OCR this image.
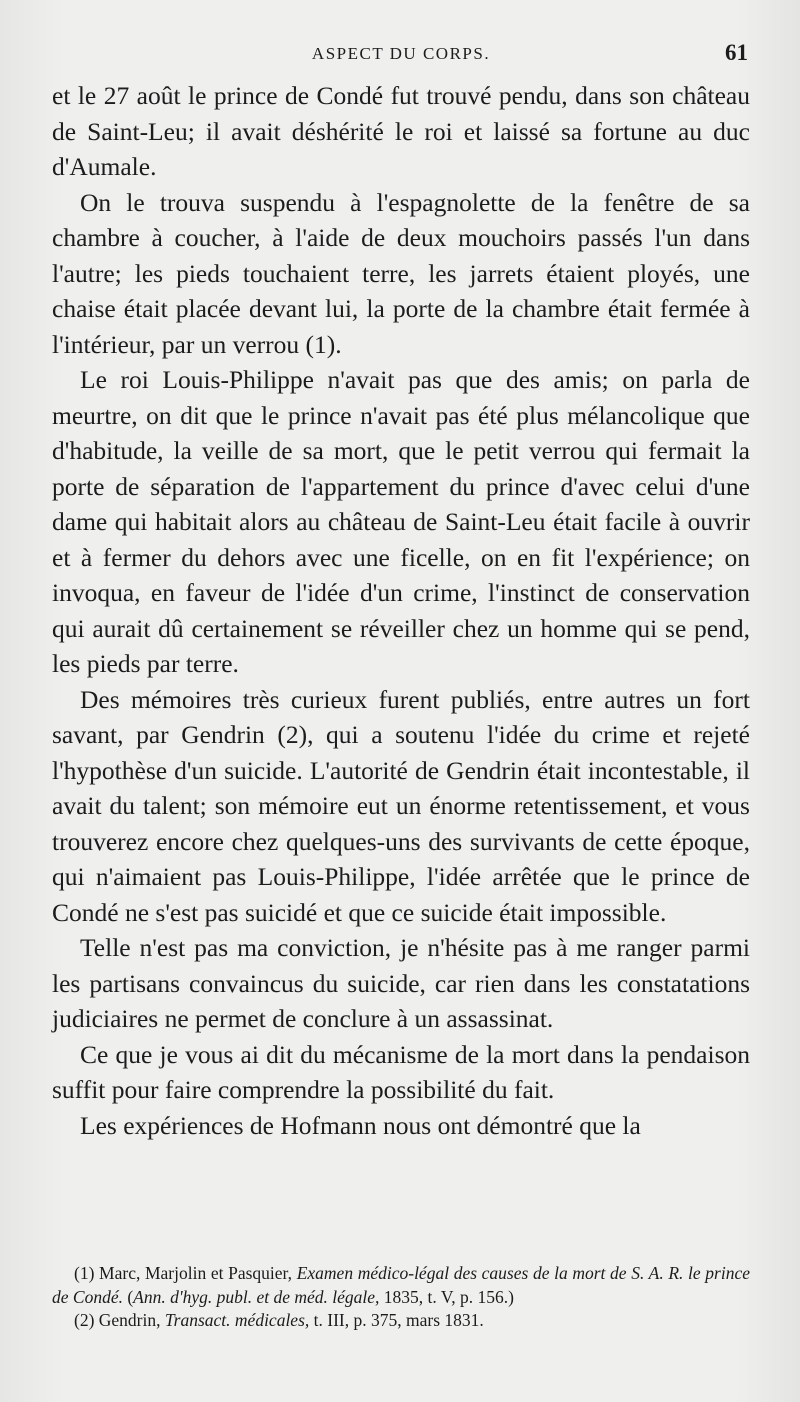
ASPECT DU CORPS.	61

et le 27 août le prince de Condé fut trouvé pendu, dans son château de Saint-Leu; il avait déshérité le roi et laissé sa fortune au duc d'Aumale.

On le trouva suspendu à l'espagnolette de la fenêtre de sa chambre à coucher, à l'aide de deux mouchoirs passés l'un dans l'autre; les pieds touchaient terre, les jarrets étaient ployés, une chaise était placée devant lui, la porte de la chambre était fermée à l'intérieur, par un verrou (1).

Le roi Louis-Philippe n'avait pas que des amis; on parla de meurtre, on dit que le prince n'avait pas été plus mélancolique que d'habitude, la veille de sa mort, que le petit verrou qui fermait la porte de séparation de l'appartement du prince d'avec celui d'une dame qui habitait alors au château de Saint-Leu était facile à ouvrir et à fermer du dehors avec une ficelle, on en fit l'expérience; on invoqua, en faveur de l'idée d'un crime, l'instinct de conservation qui aurait dû certainement se réveiller chez un homme qui se pend, les pieds par terre.

Des mémoires très curieux furent publiés, entre autres un fort savant, par Gendrin (2), qui a soutenu l'idée du crime et rejeté l'hypothèse d'un suicide. L'autorité de Gendrin était incontestable, il avait du talent; son mémoire eut un énorme retentissement, et vous trouverez encore chez quelques-uns des survivants de cette époque, qui n'aimaient pas Louis-Philippe, l'idée arrêtée que le prince de Condé ne s'est pas suicidé et que ce suicide était impossible.

Telle n'est pas ma conviction, je n'hésite pas à me ranger parmi les partisans convaincus du suicide, car rien dans les constatations judiciaires ne permet de conclure à un assassinat.

Ce que je vous ai dit du mécanisme de la mort dans la pendaison suffit pour faire comprendre la possibilité du fait.

Les expériences de Hofmann nous ont démontré que la

(1) Marc, Marjolin et Pasquier, Examen médico-légal des causes de la mort de S. A. R. le prince de Condé. (Ann. d'hyg. publ. et de méd. légale, 1835, t. V, p. 156.)

(2) Gendrin, Transact. médicales, t. III, p. 375, mars 1831.
